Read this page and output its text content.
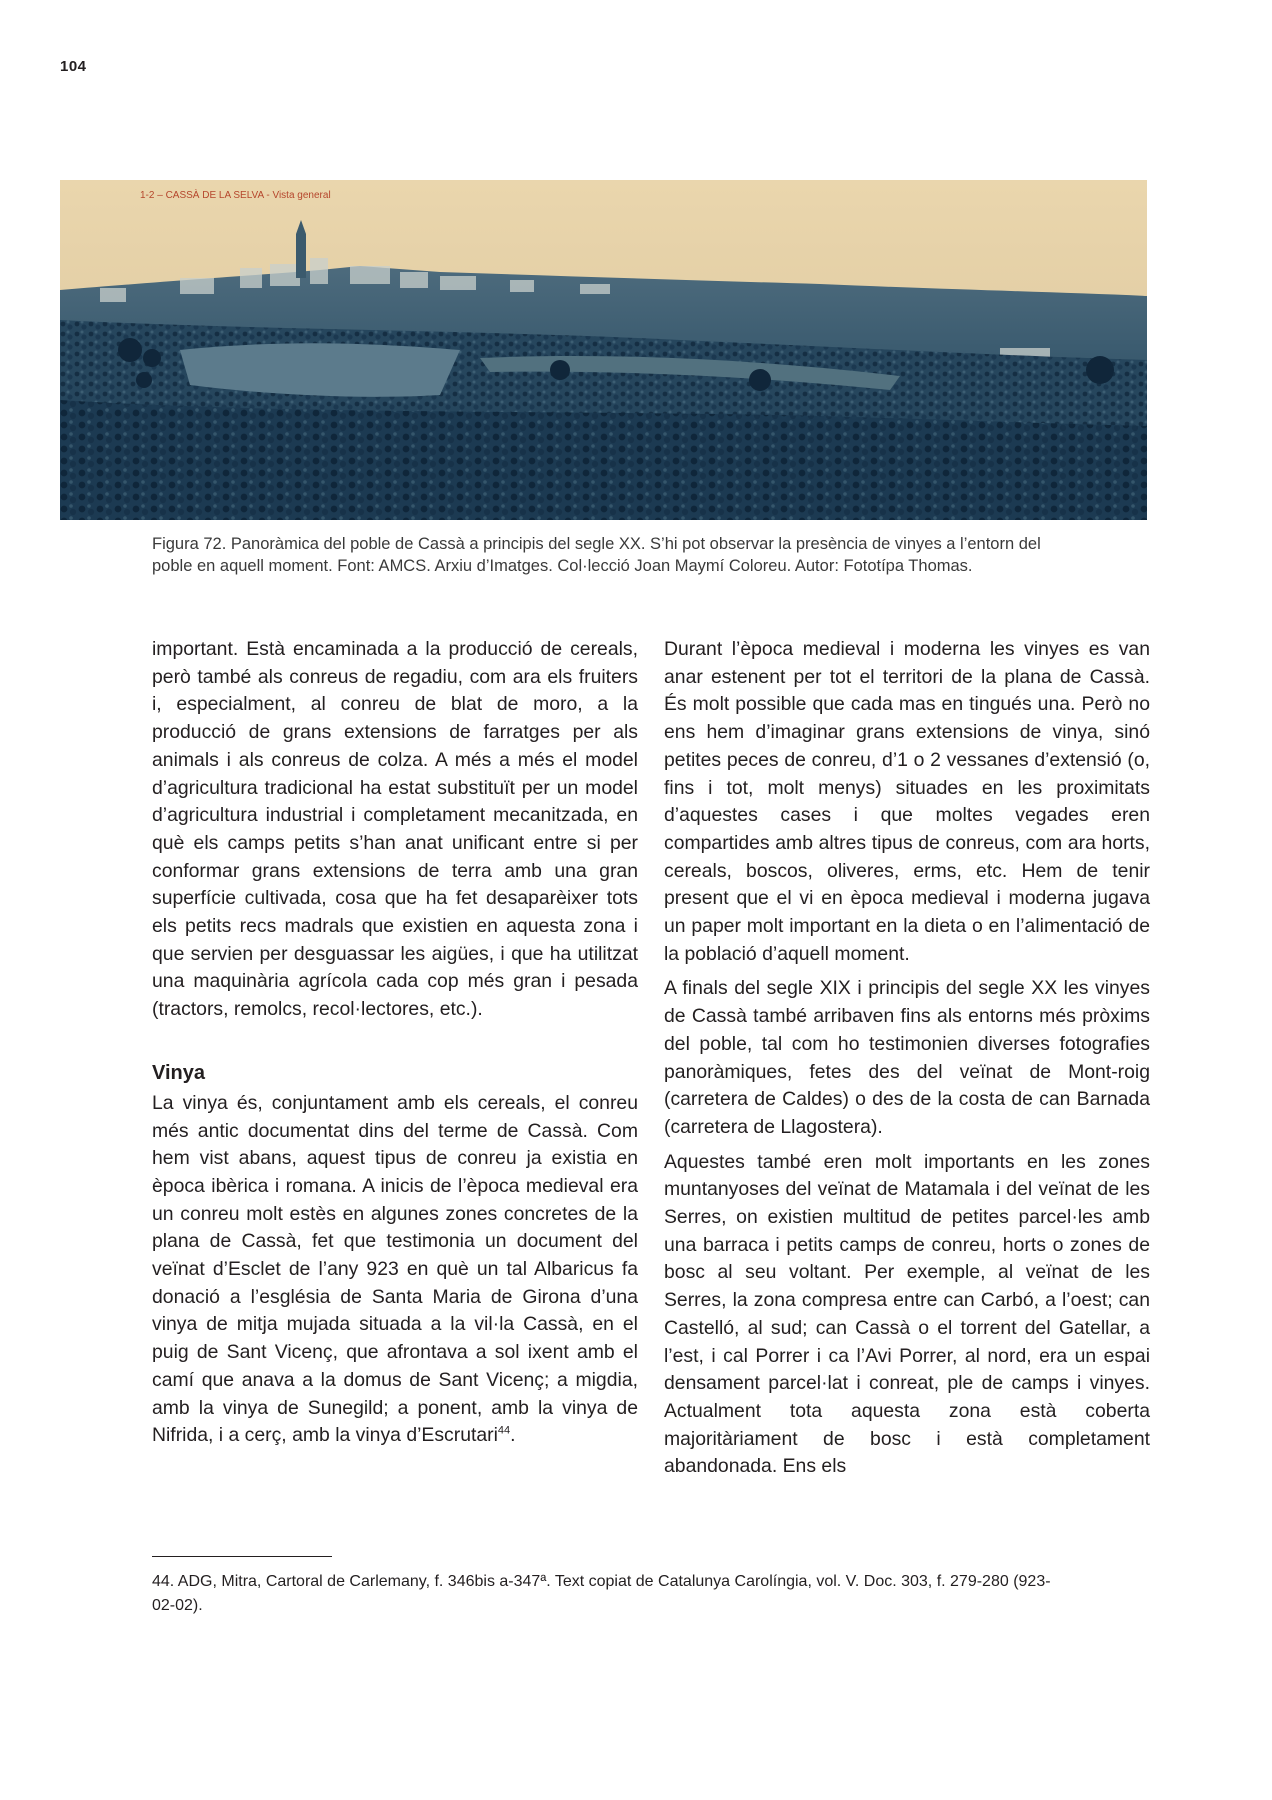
104
1-2 – CASSÀ DE LA SELVA - Vista general

Figura 72. Panoràmica del poble de Cassà a principis del segle XX. S’hi pot observar la presència de vinyes a l’entorn del

poble en aquell moment. Font: AMCS. Arxiu d’Imatges. Col·lecció Joan Maymí Coloreu. Autor: Fototípa Thomas.

important. Està encaminada a la producció de cereals, però també als conreus de regadiu, com ara els fruiters i, especialment, al conreu de blat de moro, a la producció de grans extensions de farratges per als animals i als conreus de colza. A més a més el model d’agricultura tradicional ha estat substituït per un model d’agricultura industrial i completament mecanitzada, en què els camps petits s’han anat unificant entre si per conformar grans extensions de terra amb una gran superfície cultivada, cosa que ha fet desaparèixer tots els petits recs madrals que existien en aquesta zona i que servien per desguassar les aigües, i que ha utilitzat una maquinària agrícola cada cop més gran i pesada (tractors, remolcs, recol·lectores, etc.).

Vinya

La vinya és, conjuntament amb els cereals, el conreu més antic documentat dins del terme de Cassà. Com hem vist abans, aquest tipus de conreu ja existia en època ibèrica i romana. A inicis de l’època medieval era un conreu molt estès en algunes zones concretes de la plana de Cassà, fet que testimonia un document del veïnat d’Esclet de l’any 923 en què un tal Albaricus fa donació a l’església de Santa Maria de Girona d’una vinya de mitja mujada situada a la vil·la Cassà, en el puig de Sant Vicenç, que afrontava a sol ixent amb el camí que anava a la domus de Sant Vicenç; a migdia, amb la vinya de Sunegild; a ponent, amb la vinya de Nifrida, i a cerç, amb la vinya d’Escrutari$^{44}$.

Durant l’època medieval i moderna les vinyes es van anar estenent per tot el territori de la plana de Cassà. És molt possible que cada mas en tingués una. Però no ens hem d’imaginar grans extensions de vinya, sinó petites peces de conreu, d’1 o 2 vessanes d’extensió (o, fins i tot, molt menys) situades en les proximitats d’aquestes cases i que moltes vegades eren compartides amb altres tipus de conreus, com ara horts, cereals, boscos, oliveres, erms, etc. Hem de tenir present que el vi en època medieval i moderna jugava un paper molt important en la dieta o en l’alimentació de la població d’aquell moment.

A finals del segle XIX i principis del segle XX les vinyes de Cassà també arribaven fins als entorns més pròxims del poble, tal com ho testimonien diverses fotografies panoràmiques, fetes des del veïnat de Mont-roig (carretera de Caldes) o des de la costa de can Barnada (carretera de Llagostera).

Aquestes també eren molt importants en les zones muntanyoses del veïnat de Matamala i del veïnat de les Serres, on existien multitud de petites parcel·les amb una barraca i petits camps de conreu, horts o zones de bosc al seu voltant. Per exemple, al veïnat de les Serres, la zona compresa entre can Carbó, a l’oest; can Castelló, al sud; can Cassà o el torrent del Gatellar, a l’est, i cal Porrer i ca l’Avi Porrer, al nord, era un espai densament parcel·lat i conreat, ple de camps i vinyes. Actualment tota aquesta zona està coberta majoritàriament de bosc i està completament abandonada. Ens els

44. ADG, Mitra, Cartoral de Carlemany, f. 346bis a-347ª. Text copiat de Catalunya Carolíngia, vol. V. Doc. 303, f. 279-280 (923-

02-02).
